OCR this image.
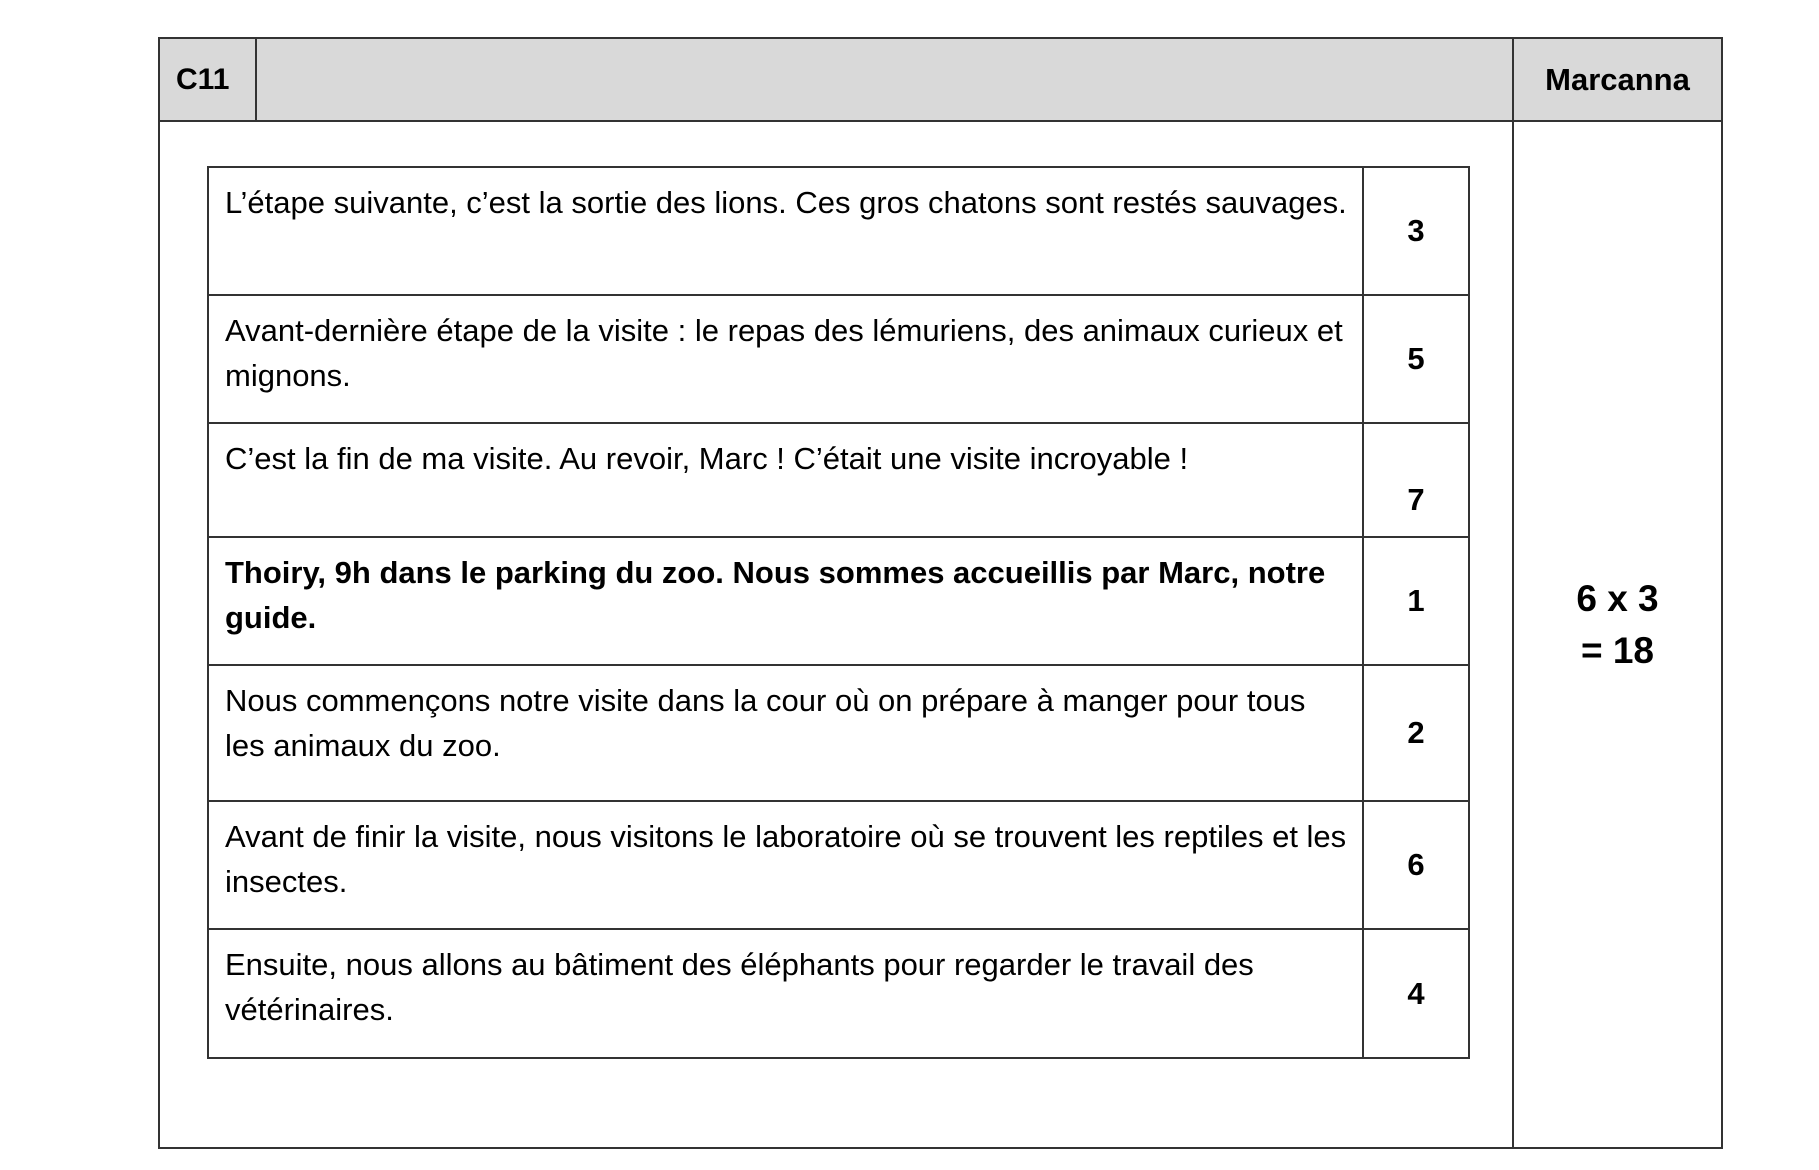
C11	Marcanna
L’étape suivante, c’est la sortie des lions. Ces gros chatons sont restés sauvages.	3
Avant-dernière étape de la visite : le repas des lémuriens, des animaux curieux et mignons.	5
C’est la fin de ma visite. Au revoir, Marc ! C’était une visite incroyable !	7
Thoiry, 9h dans le parking du zoo. Nous sommes accueillis par Marc, notre guide.	1
Nous commençons notre visite dans la cour où on prépare à manger pour tous les animaux du zoo.	2
Avant de finir la visite, nous visitons le laboratoire où se trouvent les reptiles et les insectes.	6
Ensuite, nous allons au bâtiment des éléphants pour regarder le travail des vétérinaires.	4
6 x 3
= 18
